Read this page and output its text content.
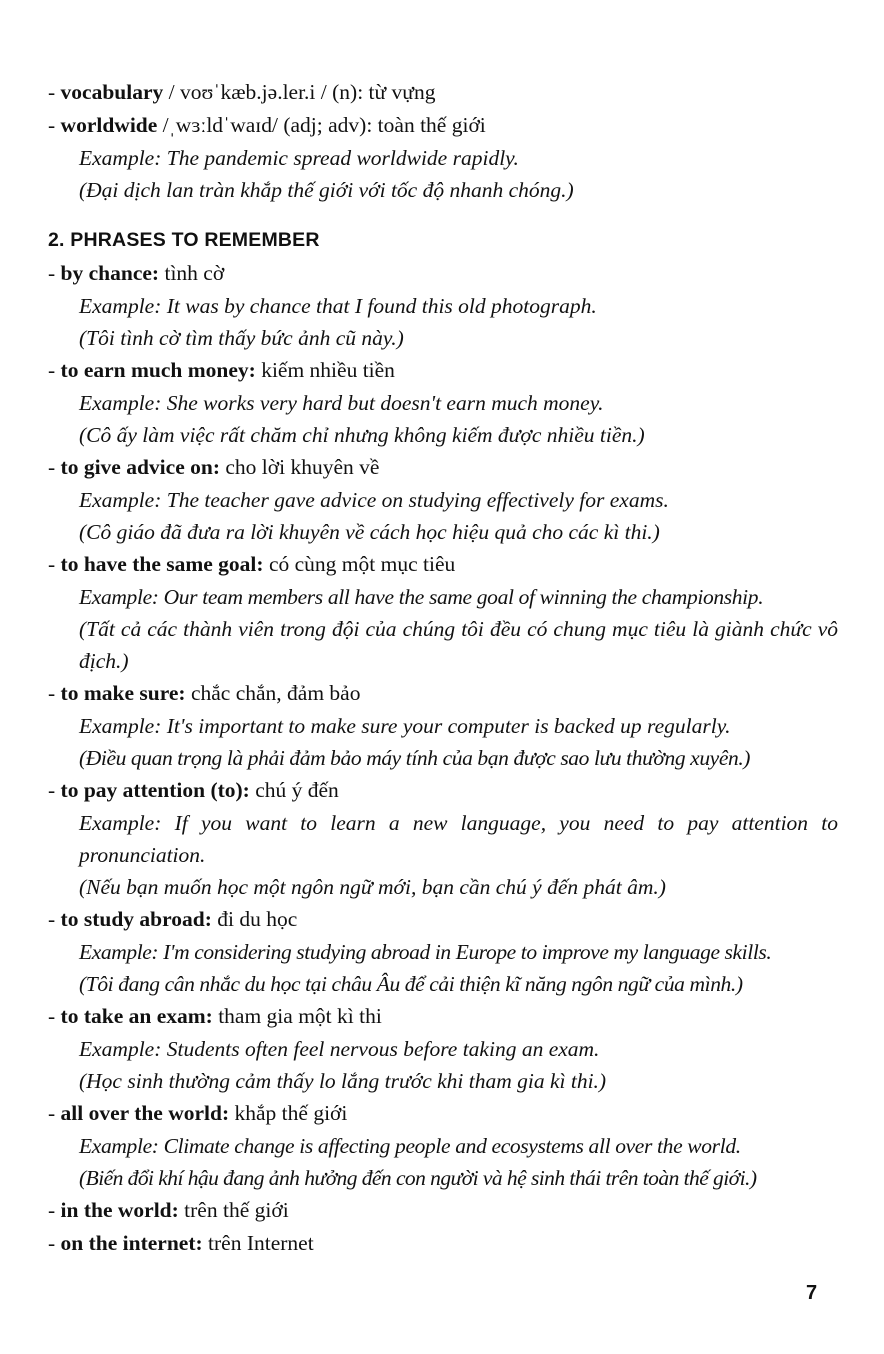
- vocabulary / voʊˈkæb.jə.ler.i / (n): từ vựng

- worldwide /ˌwɜːldˈwaɪd/ (adj; adv): toàn thế giới

Example: The pandemic spread worldwide rapidly.

(Đại dịch lan tràn khắp thế giới với tốc độ nhanh chóng.)

2. PHRASES TO REMEMBER

- by chance: tình cờ

Example: It was by chance that I found this old photograph.

(Tôi tình cờ tìm thấy bức ảnh cũ này.)

- to earn much money: kiếm nhiều tiền

Example: She works very hard but doesn't earn much money.

(Cô ấy làm việc rất chăm chỉ nhưng không kiếm được nhiều tiền.)

- to give advice on: cho lời khuyên về

Example: The teacher gave advice on studying effectively for exams.

(Cô giáo đã đưa ra lời khuyên về cách học hiệu quả cho các kì thi.)

- to have the same goal: có cùng một mục tiêu

Example: Our team members all have the same goal of winning the championship.

(Tất cả các thành viên trong đội của chúng tôi đều có chung mục tiêu là giành chức vô địch.)

- to make sure: chắc chắn, đảm bảo

Example: It's important to make sure your computer is backed up regularly.

(Điều quan trọng là phải đảm bảo máy tính của bạn được sao lưu thường xuyên.)

- to pay attention (to): chú ý đến

Example: If you want to learn a new language, you need to pay attention to pronunciation.

(Nếu bạn muốn học một ngôn ngữ mới, bạn cần chú ý đến phát âm.)

- to study abroad: đi du học

Example: I'm considering studying abroad in Europe to improve my language skills.

(Tôi đang cân nhắc du học tại châu Âu để cải thiện kĩ năng ngôn ngữ của mình.)

- to take an exam: tham gia một kì thi

Example: Students often feel nervous before taking an exam.

(Học sinh thường cảm thấy lo lắng trước khi tham gia kì thi.)

- all over the world: khắp thế giới

Example: Climate change is affecting people and ecosystems all over the world.

(Biến đổi khí hậu đang ảnh hưởng đến con người và hệ sinh thái trên toàn thế giới.)

- in the world: trên thế giới

- on the internet: trên Internet

7
